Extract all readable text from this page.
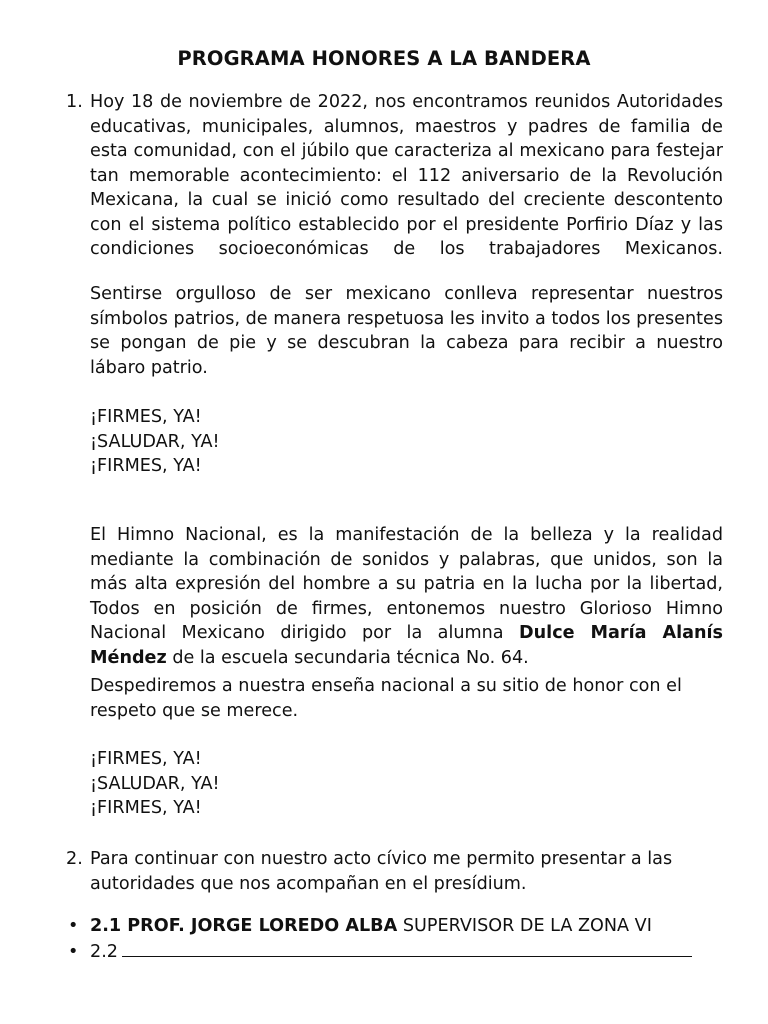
PROGRAMA HONORES A LA BANDERA
1. Hoy 18 de noviembre de 2022, nos encontramos reunidos Autoridades educativas, municipales, alumnos, maestros y padres de familia de esta comunidad, con el júbilo que caracteriza al mexicano para festejar tan memorable acontecimiento: el 112 aniversario de la Revolución Mexicana, la cual se inició como resultado del creciente descontento con el sistema político establecido por el presidente Porfirio Díaz y las condiciones socioeconómicas de los trabajadores Mexicanos.
Sentirse orgulloso de ser mexicano conlleva representar nuestros símbolos patrios, de manera respetuosa les invito a todos los presentes se pongan de pie y se descubran la cabeza para recibir a nuestro lábaro patrio.
¡FIRMES, YA!
¡SALUDAR, YA!
¡FIRMES, YA!
El Himno Nacional, es la manifestación de la belleza y la realidad mediante la combinación de sonidos y palabras, que unidos, son la más alta expresión del hombre a su patria en la lucha por la libertad, Todos en posición de firmes, entonemos nuestro Glorioso Himno Nacional Mexicano dirigido por la alumna Dulce María Alanís Méndez de la escuela secundaria técnica No. 64.
Despediremos a nuestra enseña nacional a su sitio de honor con el respeto que se merece.
¡FIRMES, YA!
¡SALUDAR, YA!
¡FIRMES, YA!
2. Para continuar con nuestro acto cívico me permito presentar a las autoridades que nos acompañan en el presídium.
• 2.1 PROF. JORGE LOREDO ALBA SUPERVISOR DE LA ZONA VI
• 2.2
